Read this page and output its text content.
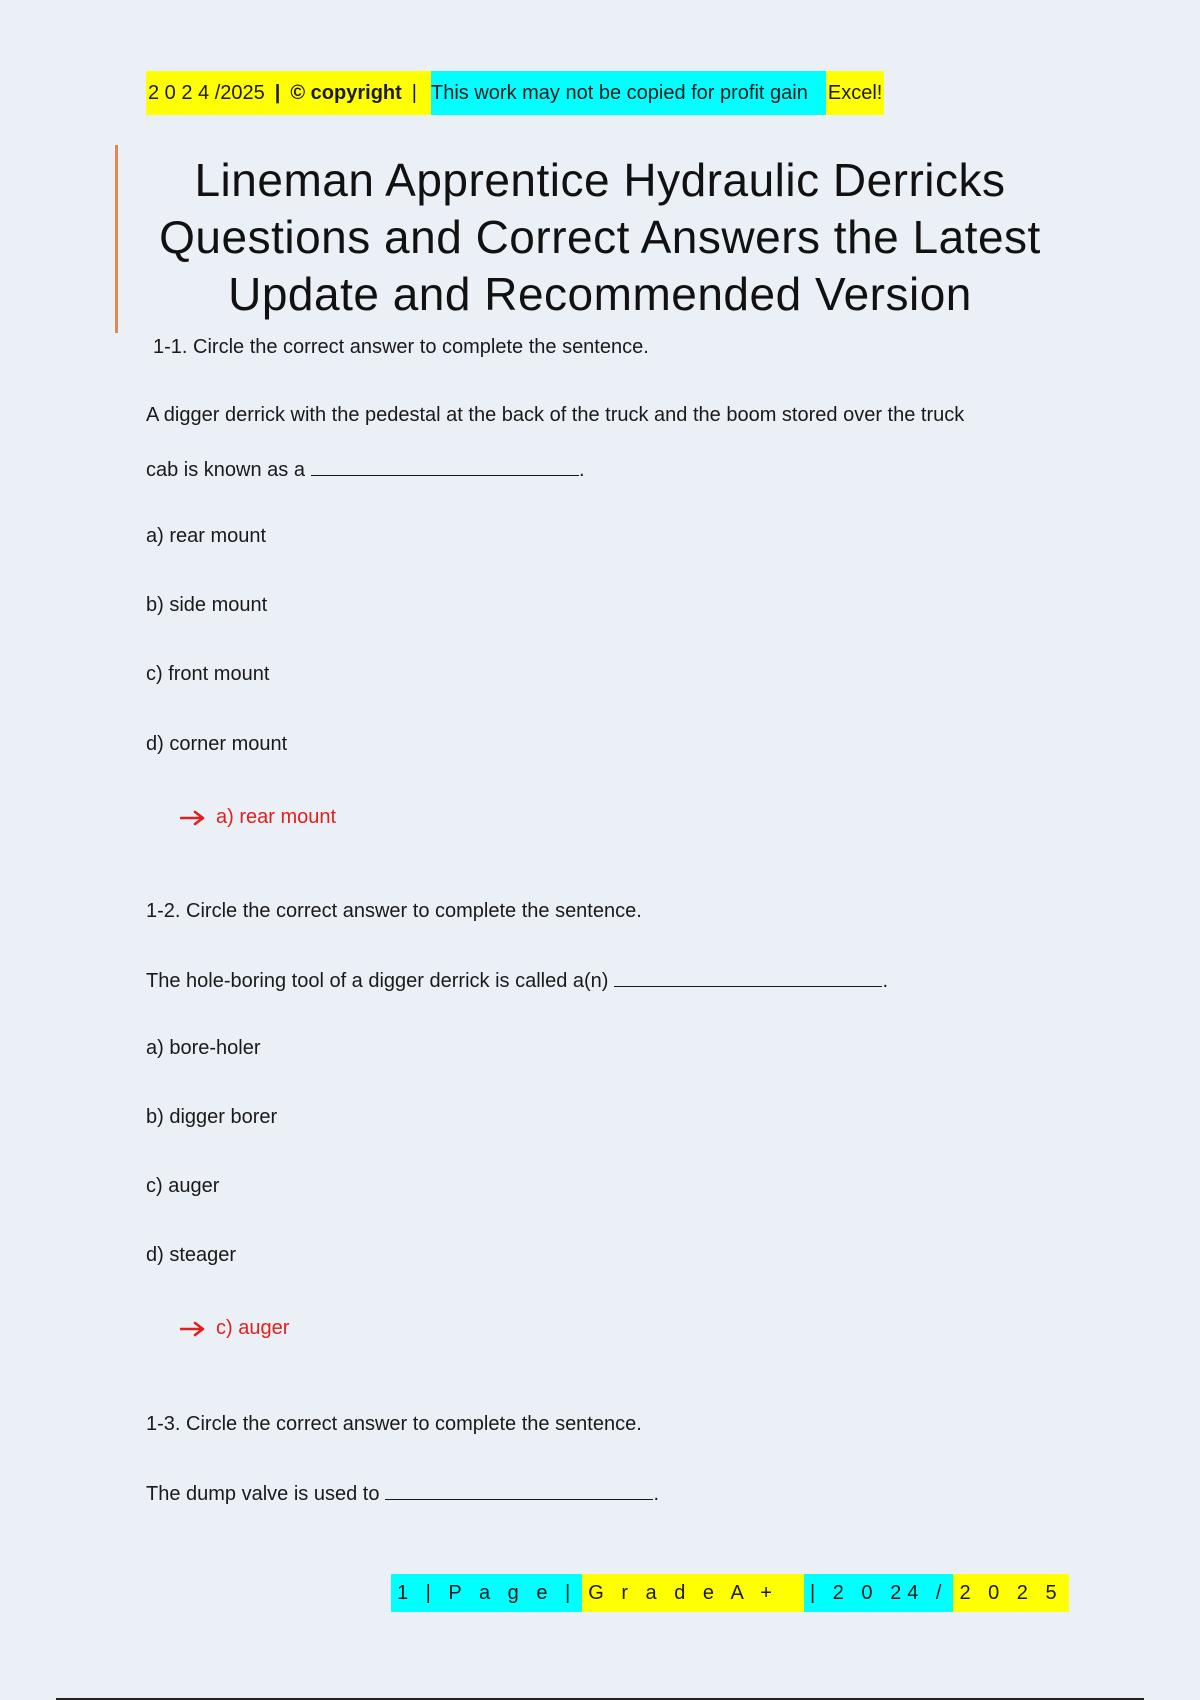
2 0 2 4 /2025 | © copyright | This work may not be copied for profit gain Excel!
Lineman Apprentice Hydraulic Derricks Questions and Correct Answers the Latest Update and Recommended Version
1-1. Circle the correct answer to complete the sentence.
A digger derrick with the pedestal at the back of the truck and the boom stored over the truck
cab is known as a	.
a) rear mount
b) side mount
c) front mount
d) corner mount
a) rear mount
1-2. Circle the correct answer to complete the sentence.
The hole-boring tool of a digger derrick is called a(n)	.
a) bore-holer
b) digger borer
c) auger
d) steager
c) auger
1-3. Circle the correct answer to complete the sentence.
The dump valve is used to	.
1 | P a g e | G r a d e A + | 2 0 24 / 2 0 2 5
